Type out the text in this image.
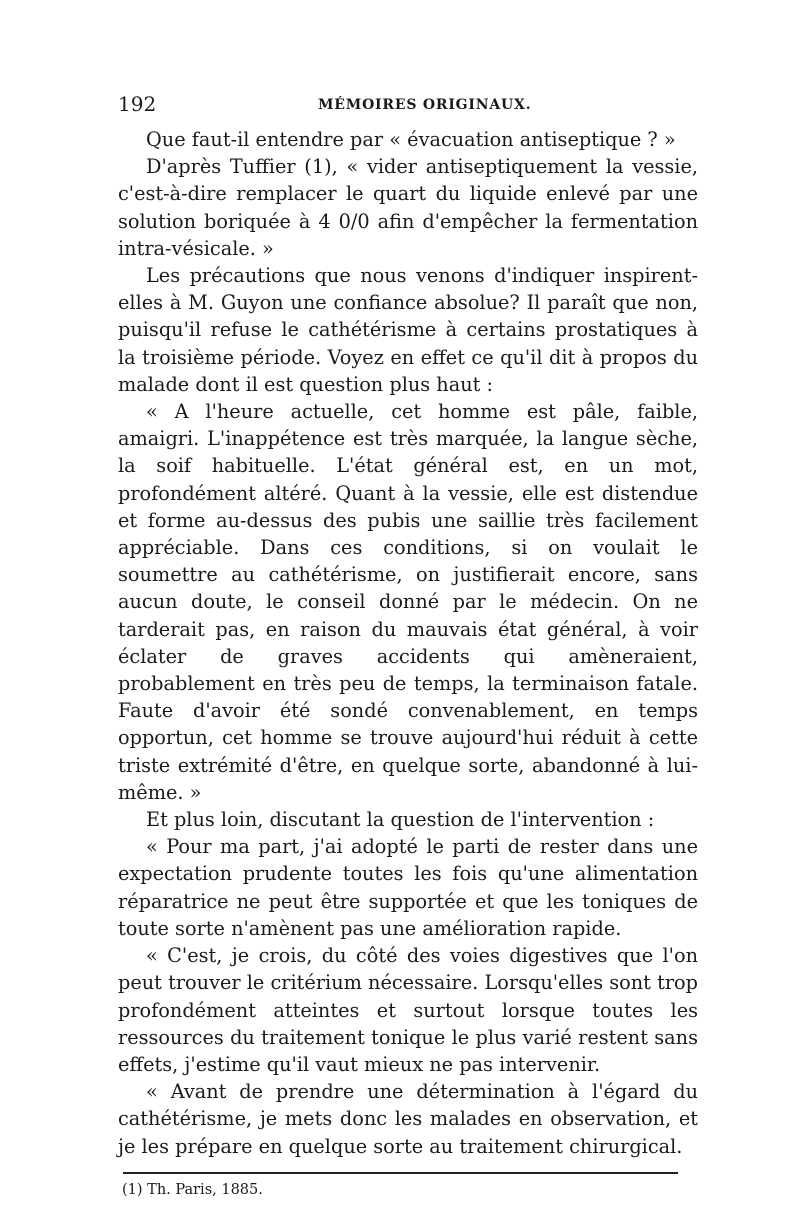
192	MÉMOIRES ORIGINAUX.

Que faut-il entendre par « évacuation antiseptique ? »

D'après Tuffier (1), « vider antiseptiquement la vessie, c'est-à-dire remplacer le quart du liquide enlevé par une solution boriquée à 4 0/0 afin d'empêcher la fermentation intra-vésicale. »

Les précautions que nous venons d'indiquer inspirent-elles à M. Guyon une confiance absolue? Il paraît que non, puisqu'il refuse le cathétérisme à certains prostatiques à la troisième période. Voyez en effet ce qu'il dit à propos du malade dont il est question plus haut :

« A l'heure actuelle, cet homme est pâle, faible, amaigri. L'inappétence est très marquée, la langue sèche, la soif habituelle. L'état général est, en un mot, profondément altéré. Quant à la vessie, elle est distendue et forme au-dessus des pubis une saillie très facilement appréciable. Dans ces conditions, si on voulait le soumettre au cathétérisme, on justifierait encore, sans aucun doute, le conseil donné par le médecin. On ne tarderait pas, en raison du mauvais état général, à voir éclater de graves accidents qui amèneraient, probablement en très peu de temps, la terminaison fatale. Faute d'avoir été sondé convenablement, en temps opportun, cet homme se trouve aujourd'hui réduit à cette triste extrémité d'être, en quelque sorte, abandonné à lui-même. »

Et plus loin, discutant la question de l'intervention :

« Pour ma part, j'ai adopté le parti de rester dans une expectation prudente toutes les fois qu'une alimentation réparatrice ne peut être supportée et que les toniques de toute sorte n'amènent pas une amélioration rapide.

« C'est, je crois, du côté des voies digestives que l'on peut trouver le critérium nécessaire. Lorsqu'elles sont trop profondément atteintes et surtout lorsque toutes les ressources du traitement tonique le plus varié restent sans effets, j'estime qu'il vaut mieux ne pas intervenir.

« Avant de prendre une détermination à l'égard du cathétérisme, je mets donc les malades en observation, et je les prépare en quelque sorte au traitement chirurgical.

(1) Th. Paris, 1885.
